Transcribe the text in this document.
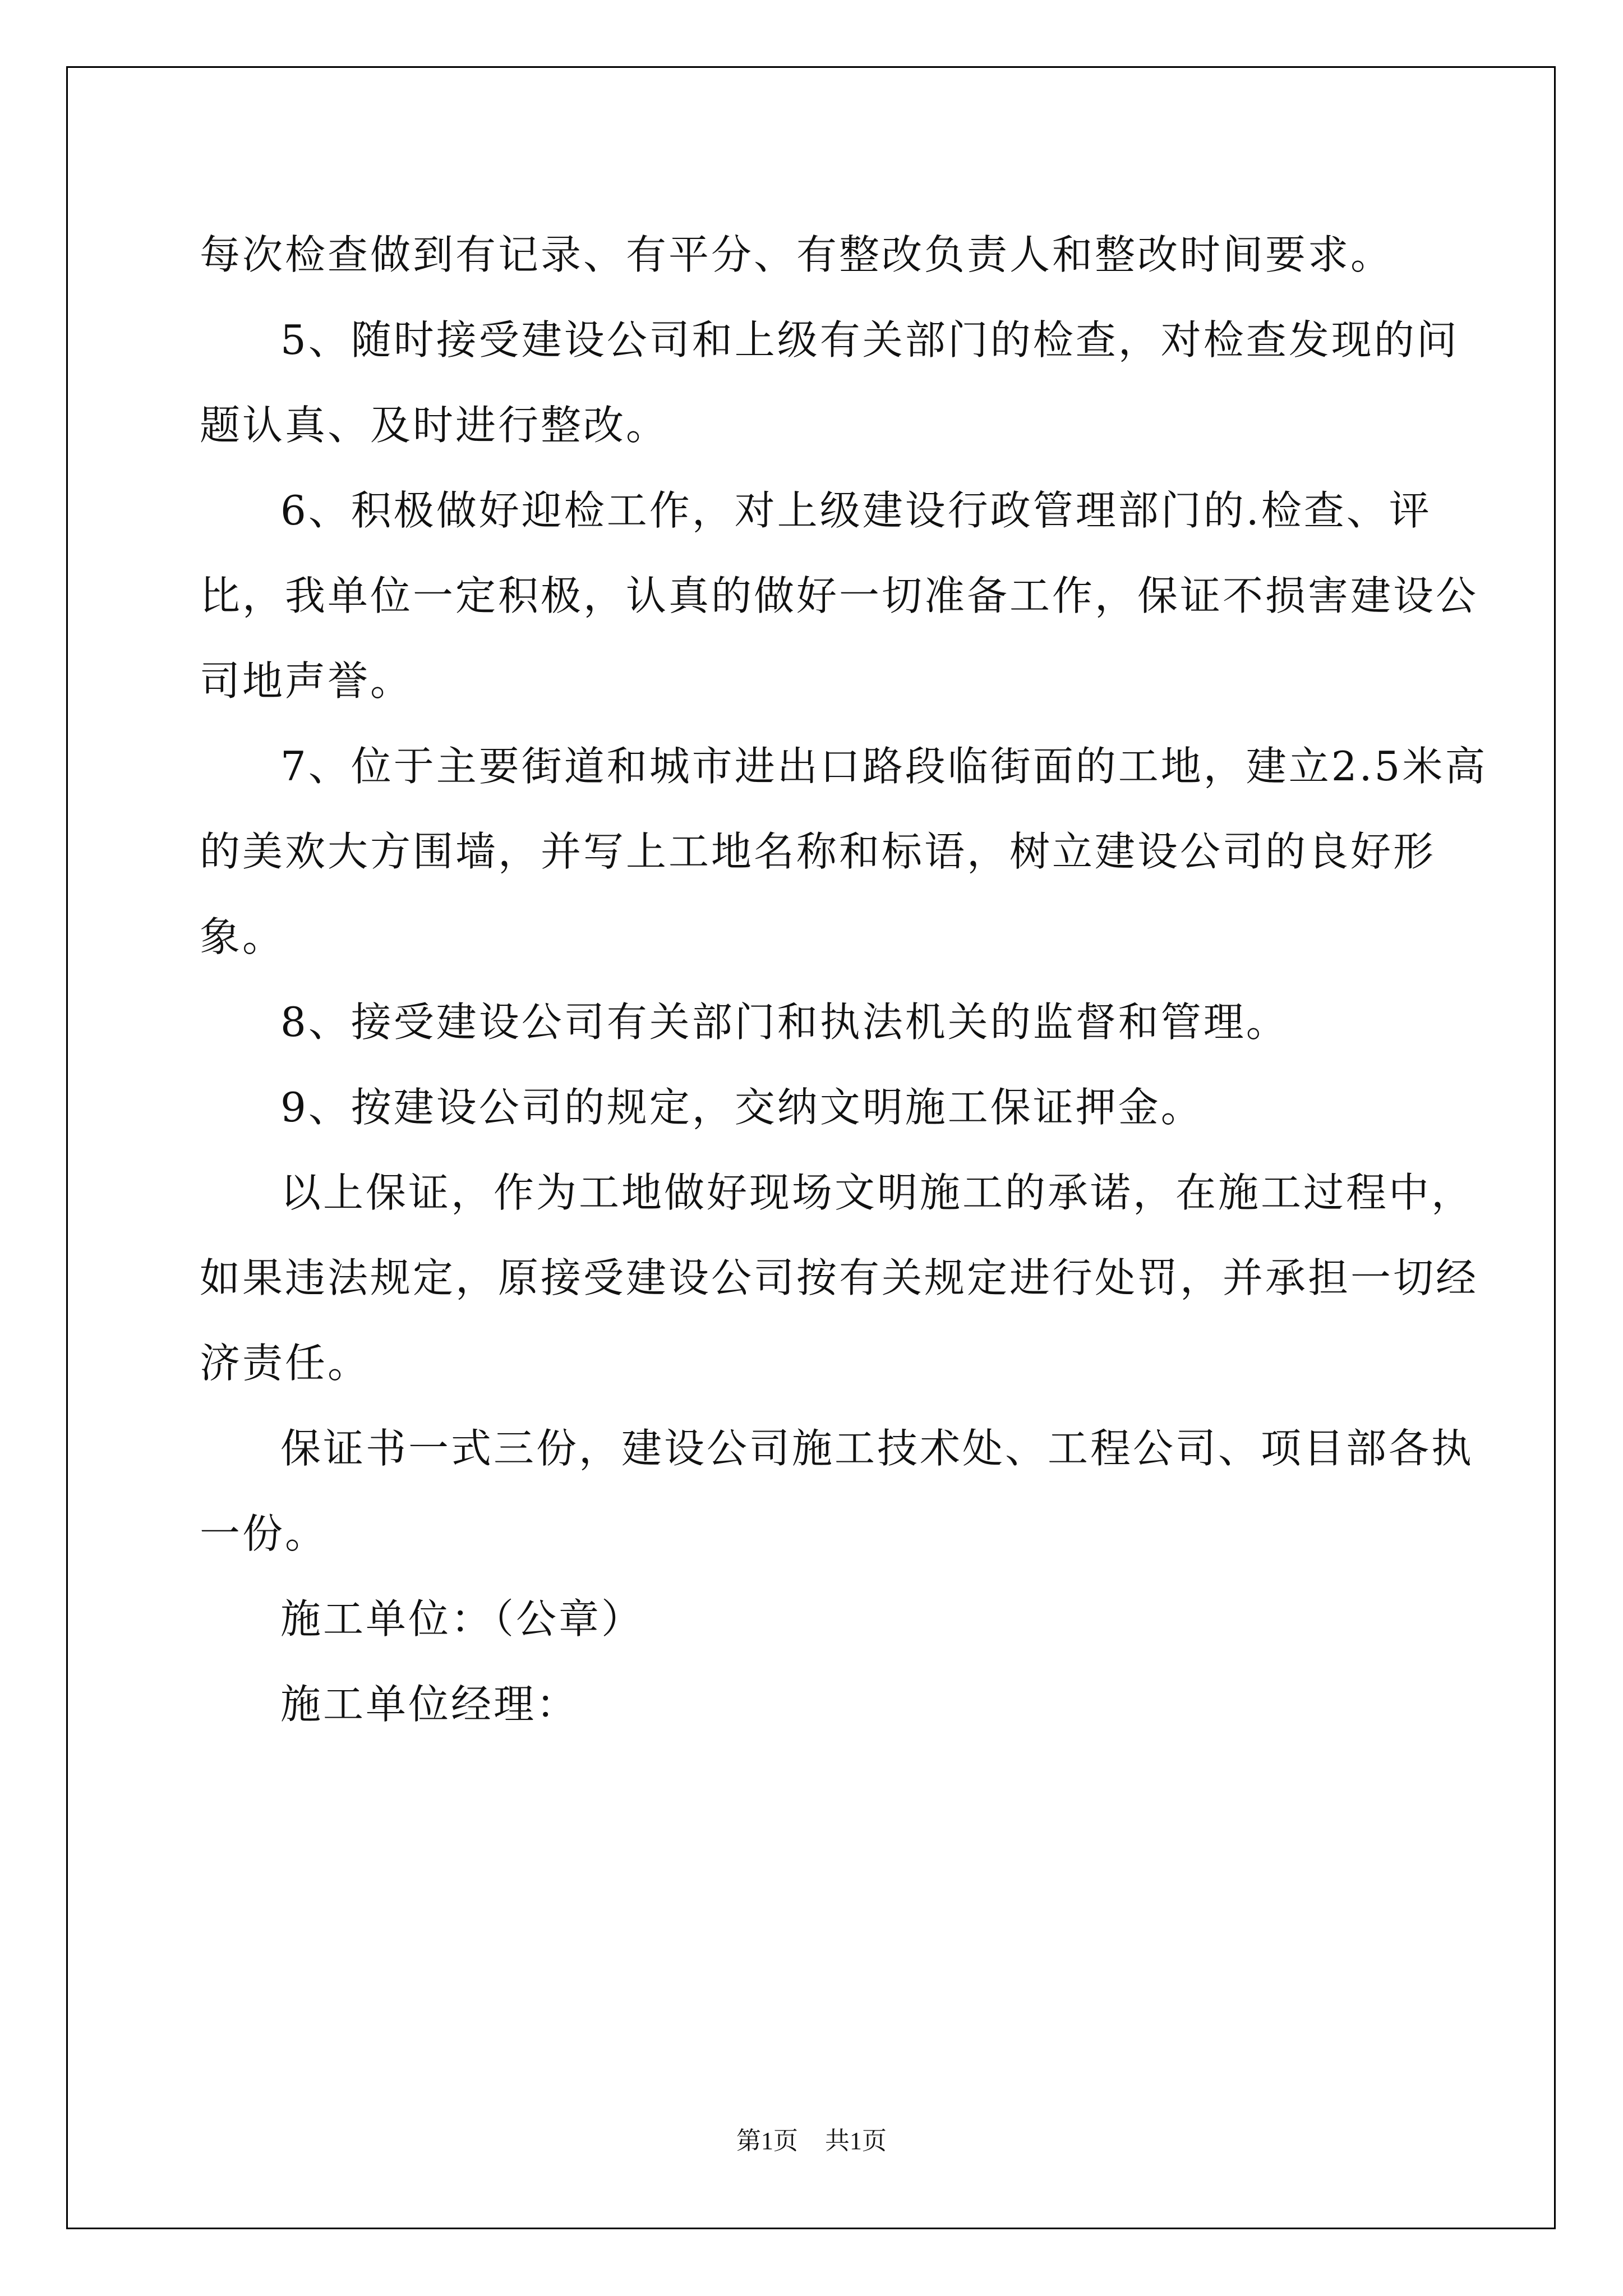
每次检查做到有记录、有平分、有整改负责人和整改时间要求。

5、随时接受建设公司和上级有关部门的检查，对检查发现的问题认真、及时进行整改。

6、积极做好迎检工作，对上级建设行政管理部门的.检查、评比，我单位一定积极，认真的做好一切准备工作，保证不损害建设公司地声誉。

7、位于主要街道和城市进出口路段临街面的工地，建立2.5米高的美欢大方围墙，并写上工地名称和标语，树立建设公司的良好形象。

8、接受建设公司有关部门和执法机关的监督和管理。

9、按建设公司的规定，交纳文明施工保证押金。

以上保证，作为工地做好现场文明施工的承诺，在施工过程中，如果违法规定，原接受建设公司按有关规定进行处罚，并承担一切经济责任。

保证书一式三份，建设公司施工技术处、工程公司、项目部各执一份。

施工单位：（公章）

施工单位经理：

第1页 共1页
